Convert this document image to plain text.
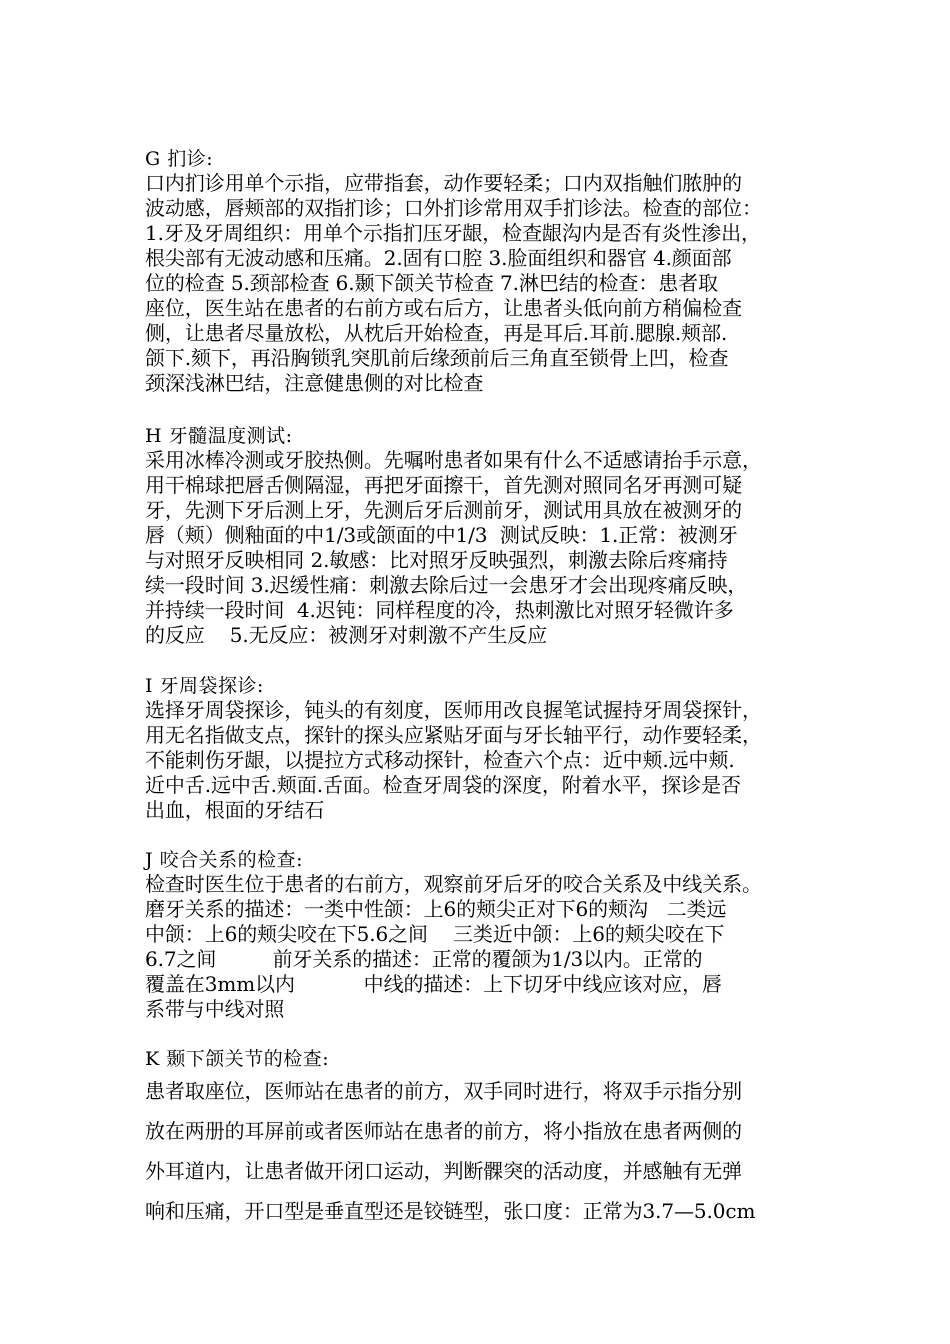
G 扪诊:
口内扪诊用单个示指，应带指套，动作要轻柔；口内双指触们脓肿的
波动感，唇颊部的双指扪诊；口外扪诊常用双手扪诊法。检查的部位：
1.牙及牙周组织：用单个示指扪压牙龈，检查龈沟内是否有炎性渗出，
根尖部有无波动感和压痛。2.固有口腔 3.脸面组织和器官 4.颜面部
位的检查 5.颈部检查 6.颞下颌关节检查 7.淋巴结的检查：患者取
座位，医生站在患者的右前方或右后方，让患者头低向前方稍偏检查
侧，让患者尽量放松，从枕后开始检查，再是耳后.耳前.腮腺.颊部.
颌下.颏下，再沿胸锁乳突肌前后缘颈前后三角直至锁骨上凹，检查
颈深浅淋巴结，注意健患侧的对比检查
H 牙髓温度测试:
采用冰棒冷测或牙胶热侧。先嘱咐患者如果有什么不适感请抬手示意，
用干棉球把唇舌侧隔湿，再把牙面擦干，首先测对照同名牙再测可疑
牙，先测下牙后测上牙，先测后牙后测前牙，测试用具放在被测牙的
唇（颊）侧釉面的中1/3或颌面的中1/3  测试反映：1.正常：被测牙
与对照牙反映相同 2.敏感：比对照牙反映强烈，刺激去除后疼痛持
续一段时间 3.迟缓性痛：刺激去除后过一会患牙才会出现疼痛反映，
并持续一段时间  4.迟钝：同样程度的冷，热刺激比对照牙轻微许多
的反应    5.无反应：被测牙对刺激不产生反应
I 牙周袋探诊:
选择牙周袋探诊，钝头的有刻度，医师用改良握笔试握持牙周袋探针，
用无名指做支点，探针的探头应紧贴牙面与牙长轴平行，动作要轻柔，
不能刺伤牙龈，以提拉方式移动探针，检查六个点：近中颊.远中颊.
近中舌.远中舌.颊面.舌面。检查牙周袋的深度，附着水平，探诊是否
出血，根面的牙结石
J 咬合关系的检查:
检查时医生位于患者的右前方，观察前牙后牙的咬合关系及中线关系。
磨牙关系的描述：一类中性颌：上6的颊尖正对下6的颊沟   二类远
中颌：上6的颊尖咬在下5.6之间    三类近中颌：上6的颊尖咬在下
6.7之间         前牙关系的描述：正常的覆颌为1/3以内。正常的
覆盖在3mm以内           中线的描述：上下切牙中线应该对应，唇
系带与中线对照
K 颞下颌关节的检查:
患者取座位，医师站在患者的前方，双手同时进行，将双手示指分别
放在两册的耳屏前或者医师站在患者的前方，将小指放在患者两侧的
外耳道内，让患者做开闭口运动，判断髁突的活动度，并感触有无弹
响和压痛，开口型是垂直型还是铰链型，张口度：正常为3.7—5.0cm
